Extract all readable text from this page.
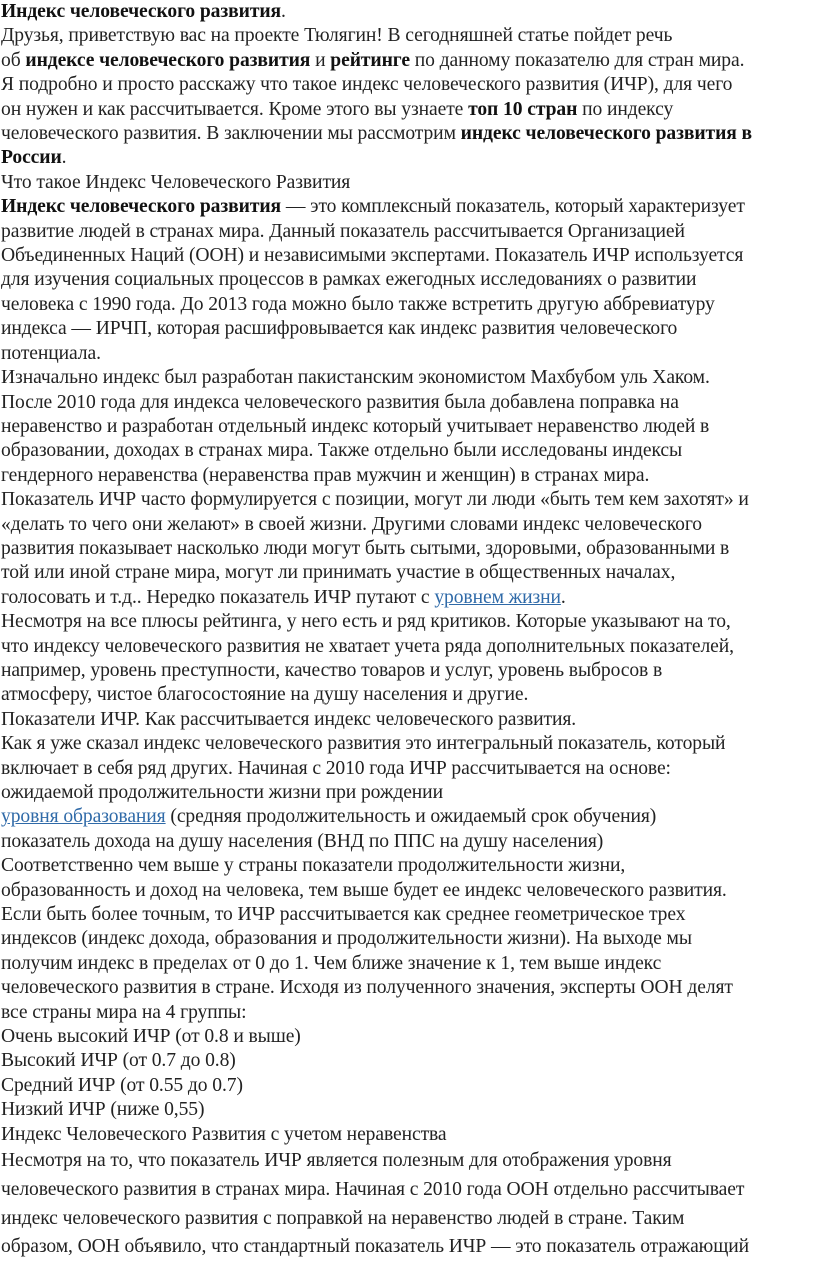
Индекс человеческого развития.
Друзья, приветствую вас на проекте Тюлягин! В сегодняшней статье пойдет речь
об индексе человеческого развития и рейтинге по данному показателю для стран мира.
Я подробно и просто расскажу что такое индекс человеческого развития (ИЧР), для чего
он нужен и как рассчитывается. Кроме этого вы узнаете топ 10 стран по индексу
человеческого развития. В заключении мы рассмотрим индекс человеческого развития в
России.
Что такое Индекс Человеческого Развития
Индекс человеческого развития — это комплексный показатель, который характеризует
развитие людей в странах мира. Данный показатель рассчитывается Организацией
Объединенных Наций (ООН) и независимыми экспертами. Показатель ИЧР используется
для изучения социальных процессов в рамках ежегодных исследованиях о развитии
человека с 1990 года. До 2013 года можно было также встретить другую аббревиатуру
индекса — ИРЧП, которая расшифровывается как индекс развития человеческого
потенциала.
Изначально индекс был разработан пакистанским экономистом Махбубом уль Хаком.
После 2010 года для индекса человеческого развития была добавлена поправка на
неравенство и разработан отдельный индекс который учитывает неравенство людей в
образовании, доходах в странах мира. Также отдельно были исследованы индексы
гендерного неравенства (неравенства прав мужчин и женщин) в странах мира.
Показатель ИЧР часто формулируется с позиции, могут ли люди «быть тем кем захотят» и
«делать то чего они желают» в своей жизни. Другими словами индекс человеческого
развития показывает насколько люди могут быть сытыми, здоровыми, образованными в
той или иной стране мира, могут ли принимать участие в общественных началах,
голосовать и т.д.. Нередко показатель ИЧР путают с уровнем жизни.
Несмотря на все плюсы рейтинга, у него есть и ряд критиков. Которые указывают на то,
что индексу человеческого развития не хватает учета ряда дополнительных показателей,
например, уровень преступности, качество товаров и услуг, уровень выбросов в
атмосферу, чистое благосостояние на душу населения и другие.
Показатели ИЧР. Как рассчитывается индекс человеческого развития.
Как я уже сказал индекс человеческого развития это интегральный показатель, который
включает в себя ряд других. Начиная с 2010 года ИЧР рассчитывается на основе:
ожидаемой продолжительности жизни при рождении
уровня образования (средняя продолжительность и ожидаемый срок обучения)
показатель дохода на душу населения (ВНД по ППС на душу населения)
Соответственно чем выше у страны показатели продолжительности жизни,
образованность и доход на человека, тем выше будет ее индекс человеческого развития.
Если быть более точным, то ИЧР рассчитывается как среднее геометрическое трех
индексов (индекс дохода, образования и продолжительности жизни). На выходе мы
получим индекс в пределах от 0 до 1. Чем ближе значение к 1, тем выше индекс
человеческого развития в стране. Исходя из полученного значения, эксперты ООН делят
все страны мира на 4 группы:
Очень высокий ИЧР (от 0.8 и выше)
Высокий ИЧР (от 0.7 до 0.8)
Средний ИЧР (от 0.55 до 0.7)
Низкий ИЧР (ниже 0,55)
Индекс Человеческого Развития с учетом неравенства
Несмотря на то, что показатель ИЧР является полезным для отображения уровня
человеческого развития в странах мира. Начиная с 2010 года ООН отдельно рассчитывает
индекс человеческого развития с поправкой на неравенство людей в стране. Таким
образом, ООН объявило, что стандартный показатель ИЧР — это показатель отражающий
